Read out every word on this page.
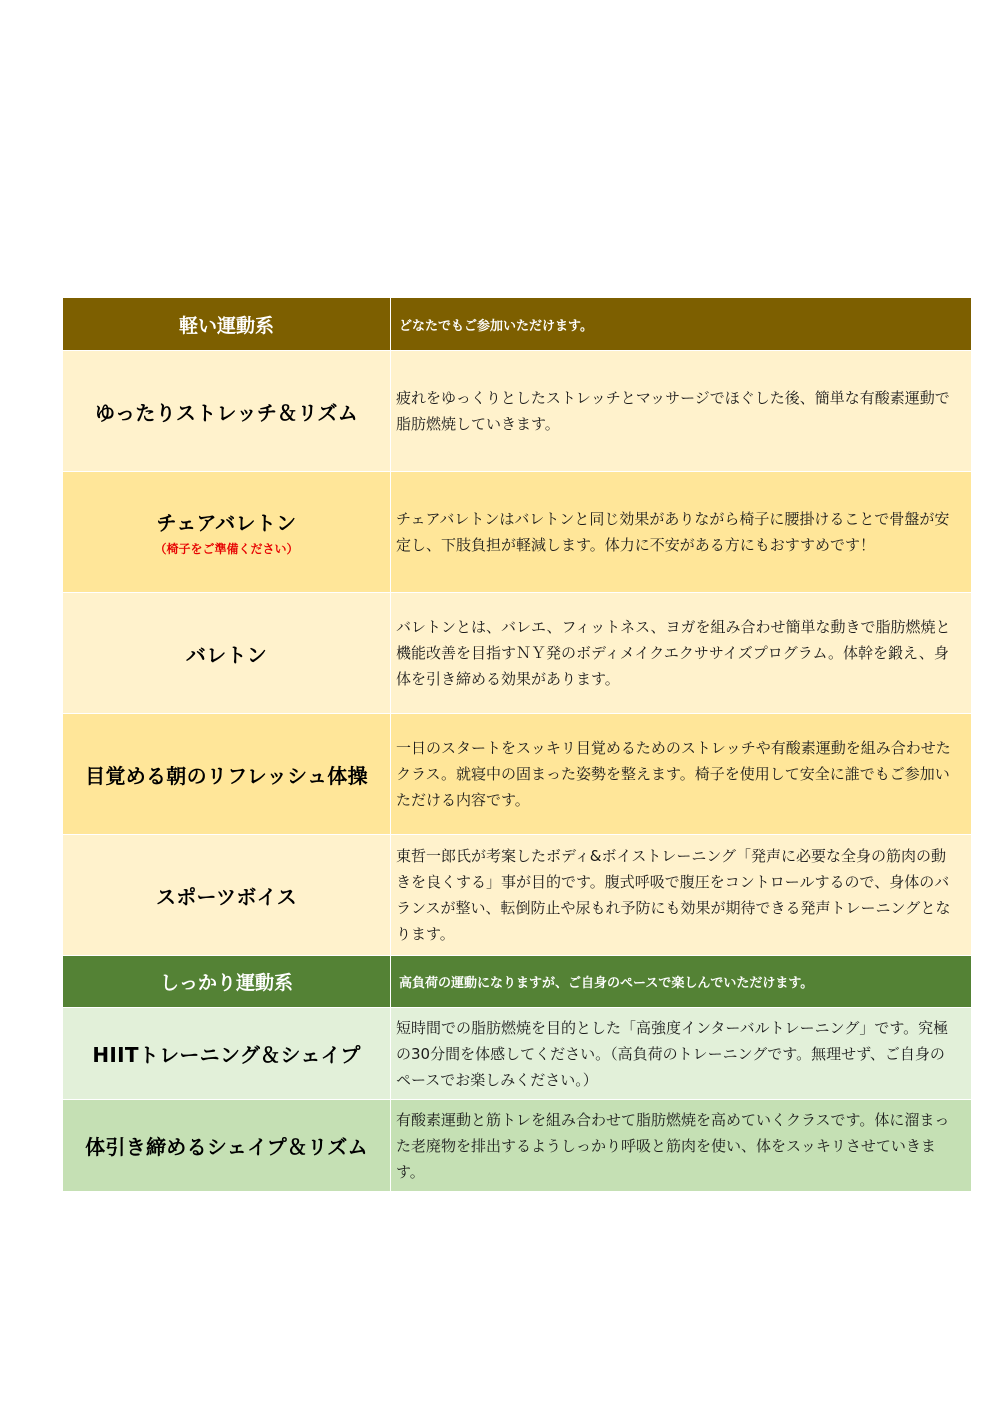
軽い運動系	どなたでもご参加いただけます。
ゆったりストレッチ＆リズム
疲れをゆっくりとしたストレッチとマッサージでほぐした後、簡単な有酸素運動で脂肪燃焼していきます。
チェアバレトン
（椅子をご準備ください）
チェアバレトンはバレトンと同じ効果がありながら椅子に腰掛けることで骨盤が安定し、下肢負担が軽減します。体力に不安がある方にもおすすめです！
バレトン
バレトンとは、バレエ、フィットネス、ヨガを組み合わせ簡単な動きで脂肪燃焼と機能改善を目指すＮＹ発のボディメイクエクササイズプログラム。体幹を鍛え、身体を引き締める効果があります。
目覚める朝のリフレッシュ体操
一日のスタートをスッキリ目覚めるためのストレッチや有酸素運動を組み合わせたクラス。就寝中の固まった姿勢を整えます。椅子を使用して安全に誰でもご参加いただける内容です。
スポーツボイス
東哲一郎氏が考案したボディ&ボイストレーニング「発声に必要な全身の筋肉の動きを良くする」事が目的です。腹式呼吸で腹圧をコントロールするので、身体のバランスが整い、転倒防止や尿もれ予防にも効果が期待できる発声トレーニングとなります。
しっかり運動系	高負荷の運動になりますが、ご自身のペースで楽しんでいただけます。
HIITトレーニング＆シェイプ
短時間での脂肪燃焼を目的とした「高強度インターバルトレーニング」です。究極の30分間を体感してください。（高負荷のトレーニングです。無理せず、ご自身のペースでお楽しみください。）
体引き締めるシェイプ＆リズム
有酸素運動と筋トレを組み合わせて脂肪燃焼を高めていくクラスです。体に溜まった老廃物を排出するようしっかり呼吸と筋肉を使い、体をスッキリさせていきます。
